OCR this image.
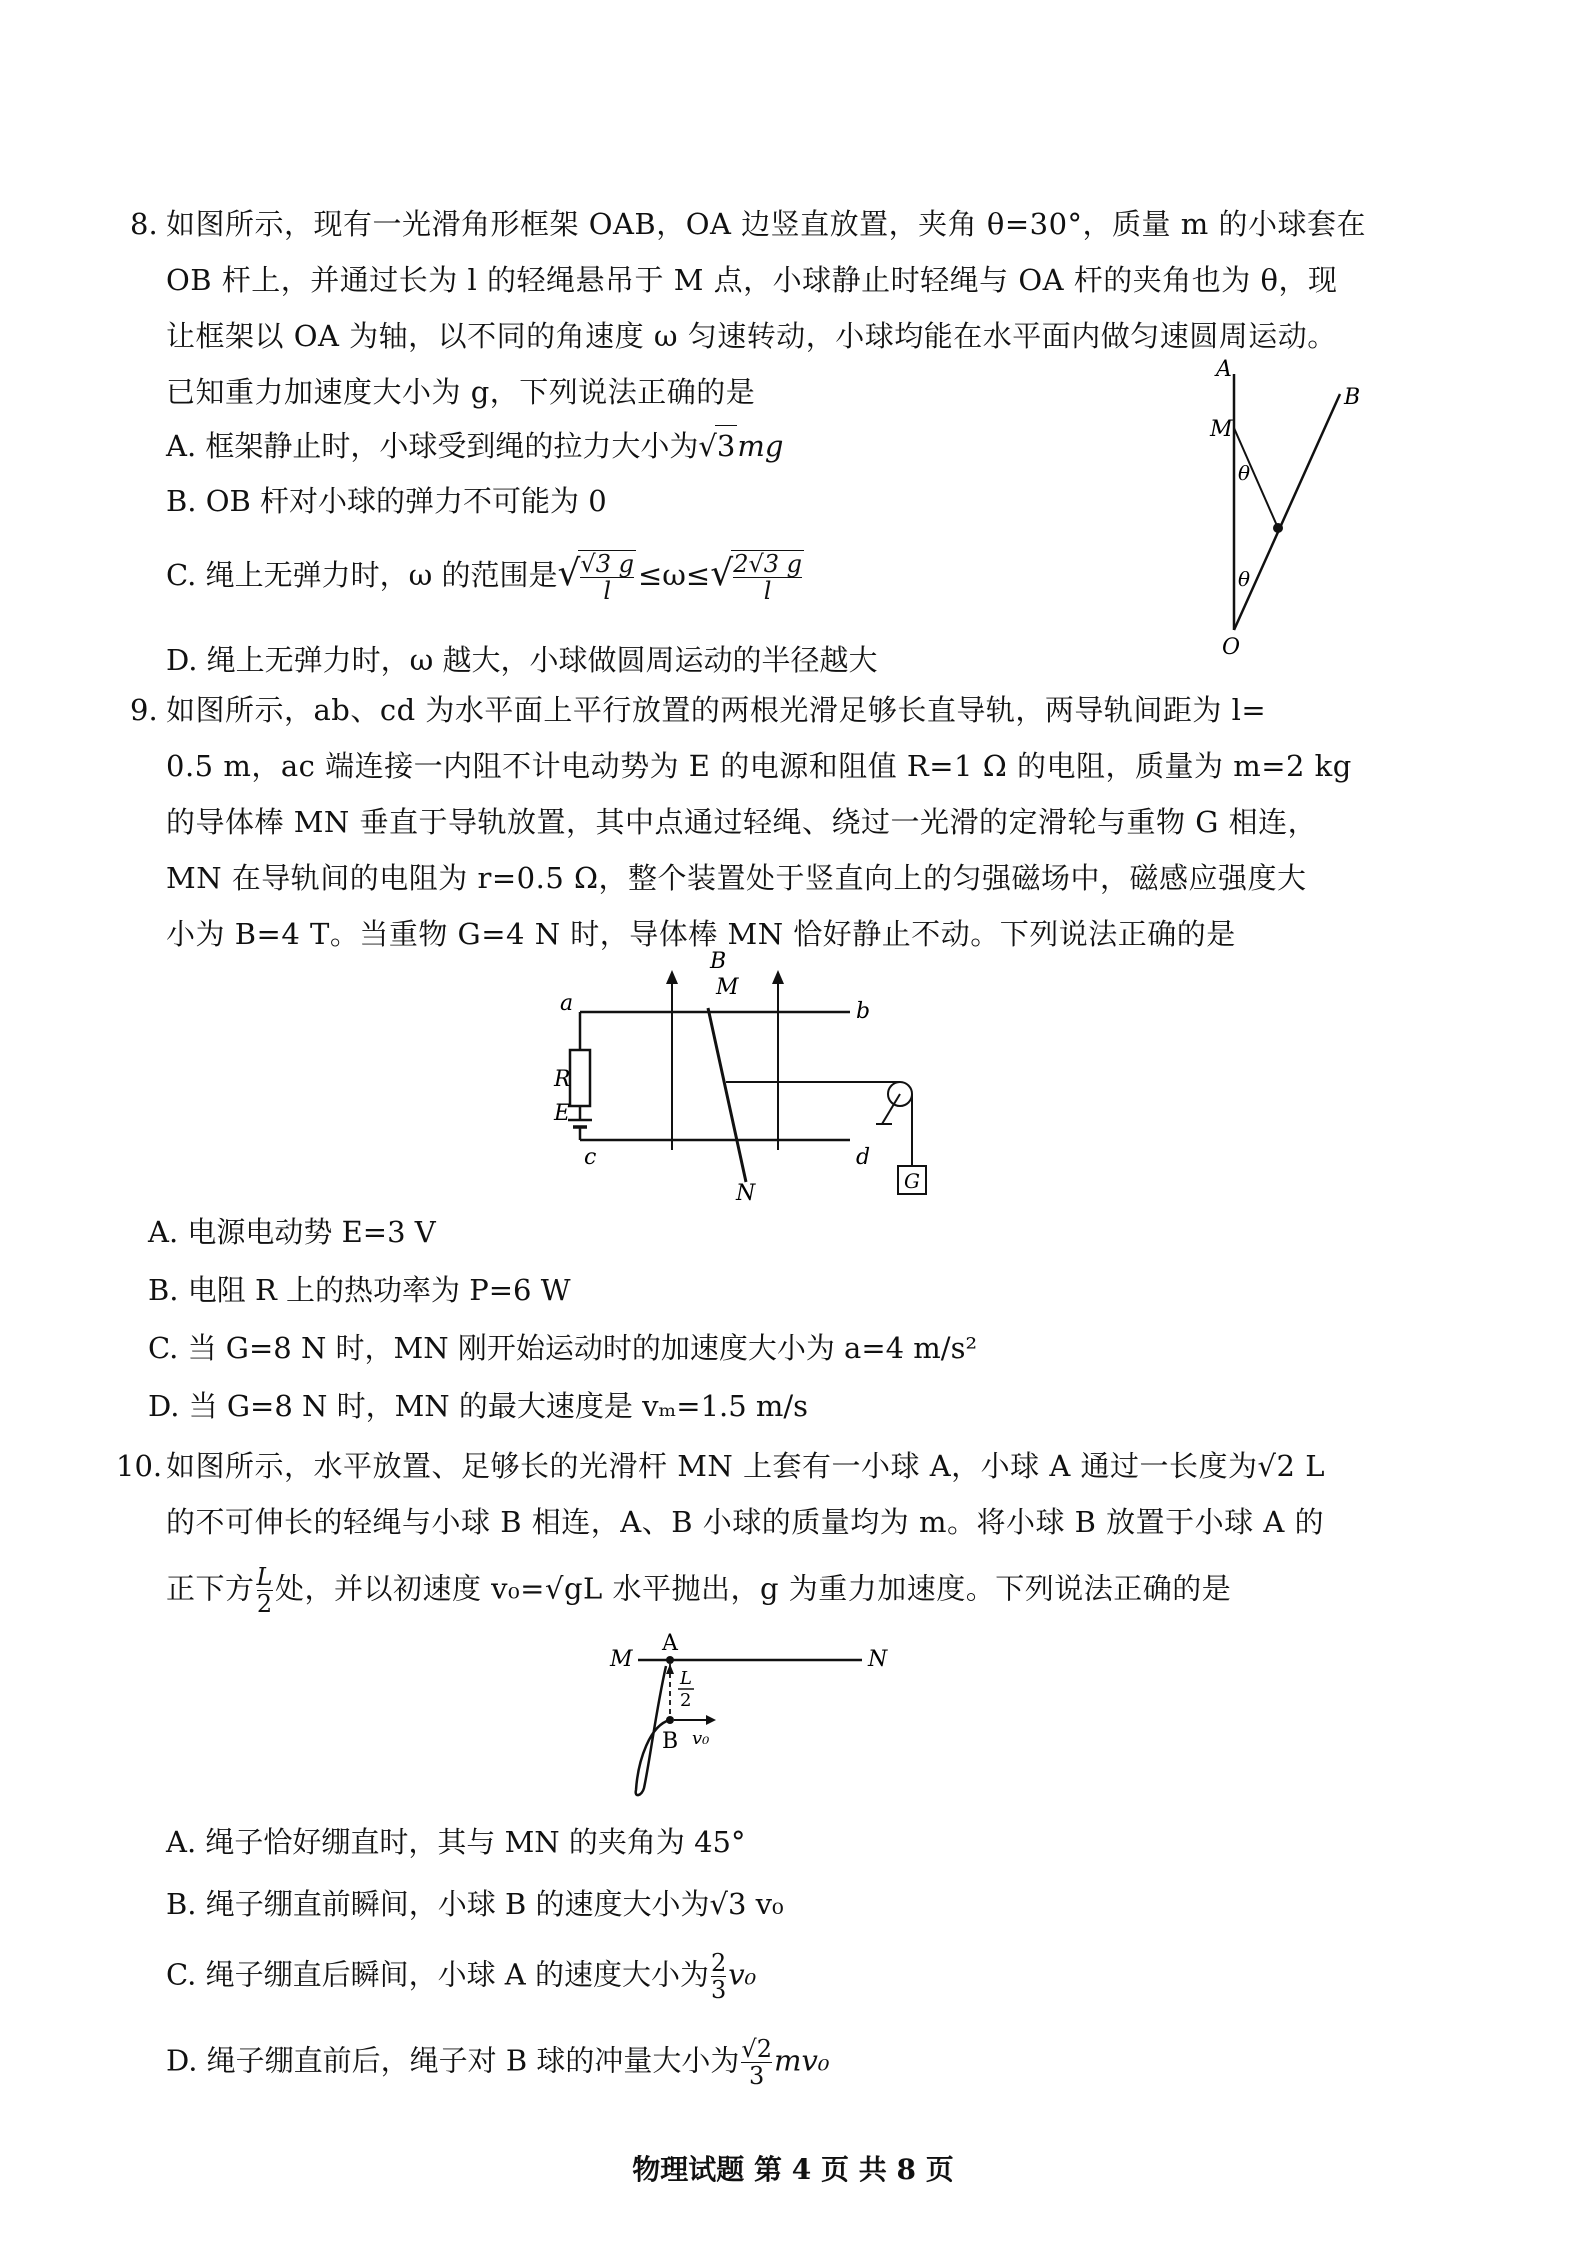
8. 如图所示，现有一光滑角形框架 OAB，OA 边竖直放置，夹角 θ=30°，质量 m 的小球套在
OB 杆上，并通过长为 l 的轻绳悬吊于 M 点，小球静止时轻绳与 OA 杆的夹角也为 θ，现
让框架以 OA 为轴，以不同的角速度 ω 匀速转动，小球均能在水平面内做匀速圆周运动。
已知重力加速度大小为 g，下列说法正确的是
A. 框架静止时，小球受到绳的拉力大小为√3mg
B. OB 杆对小球的弹力不可能为 0
C. 绳上无弹力时，ω 的范围是√
$\frac{√3 g}{l} \le\omega\le√$
$\frac{2√3 g}{l}$
D. 绳上无弹力时，ω 越大，小球做圆周运动的半径越大
A
B
M
O
θ
θ
9. 如图所示，ab、cd 为水平面上平行放置的两根光滑足够长直导轨，两导轨间距为 l=
0.5 m，ac 端连接一内阻不计电动势为 E 的电源和阻值 R=1 Ω 的电阻，质量为 m=2 kg
的导体棒 MN 垂直于导轨放置，其中点通过轻绳、绕过一光滑的定滑轮与重物 G 相连，
MN 在导轨间的电阻为 r=0.5 Ω，整个装置处于竖直向上的匀强磁场中，磁感应强度大
小为 B=4 T。当重物 G=4 N 时，导体棒 MN 恰好静止不动。下列说法正确的是
B
M
N
a	b
c	d
R
E
G
A. 电源电动势 E=3 V
B. 电阻 R 上的热功率为 P=6 W
C. 当 G=8 N 时，MN 刚开始运动时的加速度大小为 a=4 m/s²
D. 当 G=8 N 时，MN 的最大速度是 vₘ=1.5 m/s
10. 如图所示，水平放置、足够长的光滑杆 MN 上套有一小球 A，小球 A 通过一长度为√2 L
的不可伸长的轻绳与小球 B 相连，A、B 小球的质量均为 m。将小球 B 放置于小球 A 的
正下方 $\frac{L}{2}$ 处，并以初速度 v₀=√gL 水平抛出，g 为重力加速度。下列说法正确的是
M	N
A
L
2
B v₀
A. 绳子恰好绷直时，其与 MN 的夹角为 45°
B. 绳子绷直前瞬间，小球 B 的速度大小为√3 v₀
C. 绳子绷直后瞬间，小球 A 的速度大小为 $\frac{2}{3} v_0$
D. 绳子绷直前后，绳子对 B 球的冲量大小为 $\frac{√2}{3} mv_0$
物理试题 第 4 页 共 8 页
